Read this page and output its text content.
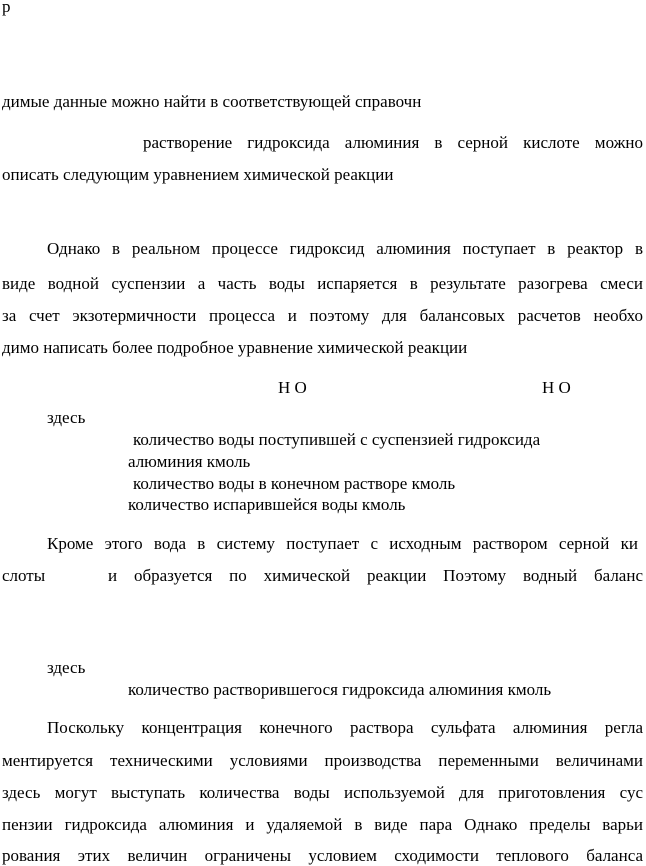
р
димые данные можно найти в соответствующей справочн
растворение гидроксида алюминия в серной кислоте можно
описать следующим уравнением химической реакции
Однако в реальном процессе гидроксид алюминия поступает в реактор в
виде водной суспензии а часть воды испаряется в результате разогрева смеси
за счет экзотермичности процесса и поэтому для балансовых расчетов необхо
димо написать более подробное уравнение химической реакции
Н О	Н О
здесь
количество воды поступившей с суспензией гидроксида
алюминия кмоль
количество воды в конечном растворе кмоль
количество испарившейся воды кмоль
Кроме этого вода в систему поступает с исходным раствором серной ки
слоты	и образуется по химической реакции Поэтому водный баланс
здесь
количество растворившегося гидроксида алюминия кмоль
Поскольку концентрация конечного раствора сульфата алюминия регла
ментируется техническими условиями производства переменными величинами
здесь могут выступать количества воды используемой для приготовления сус
пензии гидроксида алюминия и удаляемой в виде пара Однако пределы варьи
рования этих величин ограничены условием сходимости теплового баланса
